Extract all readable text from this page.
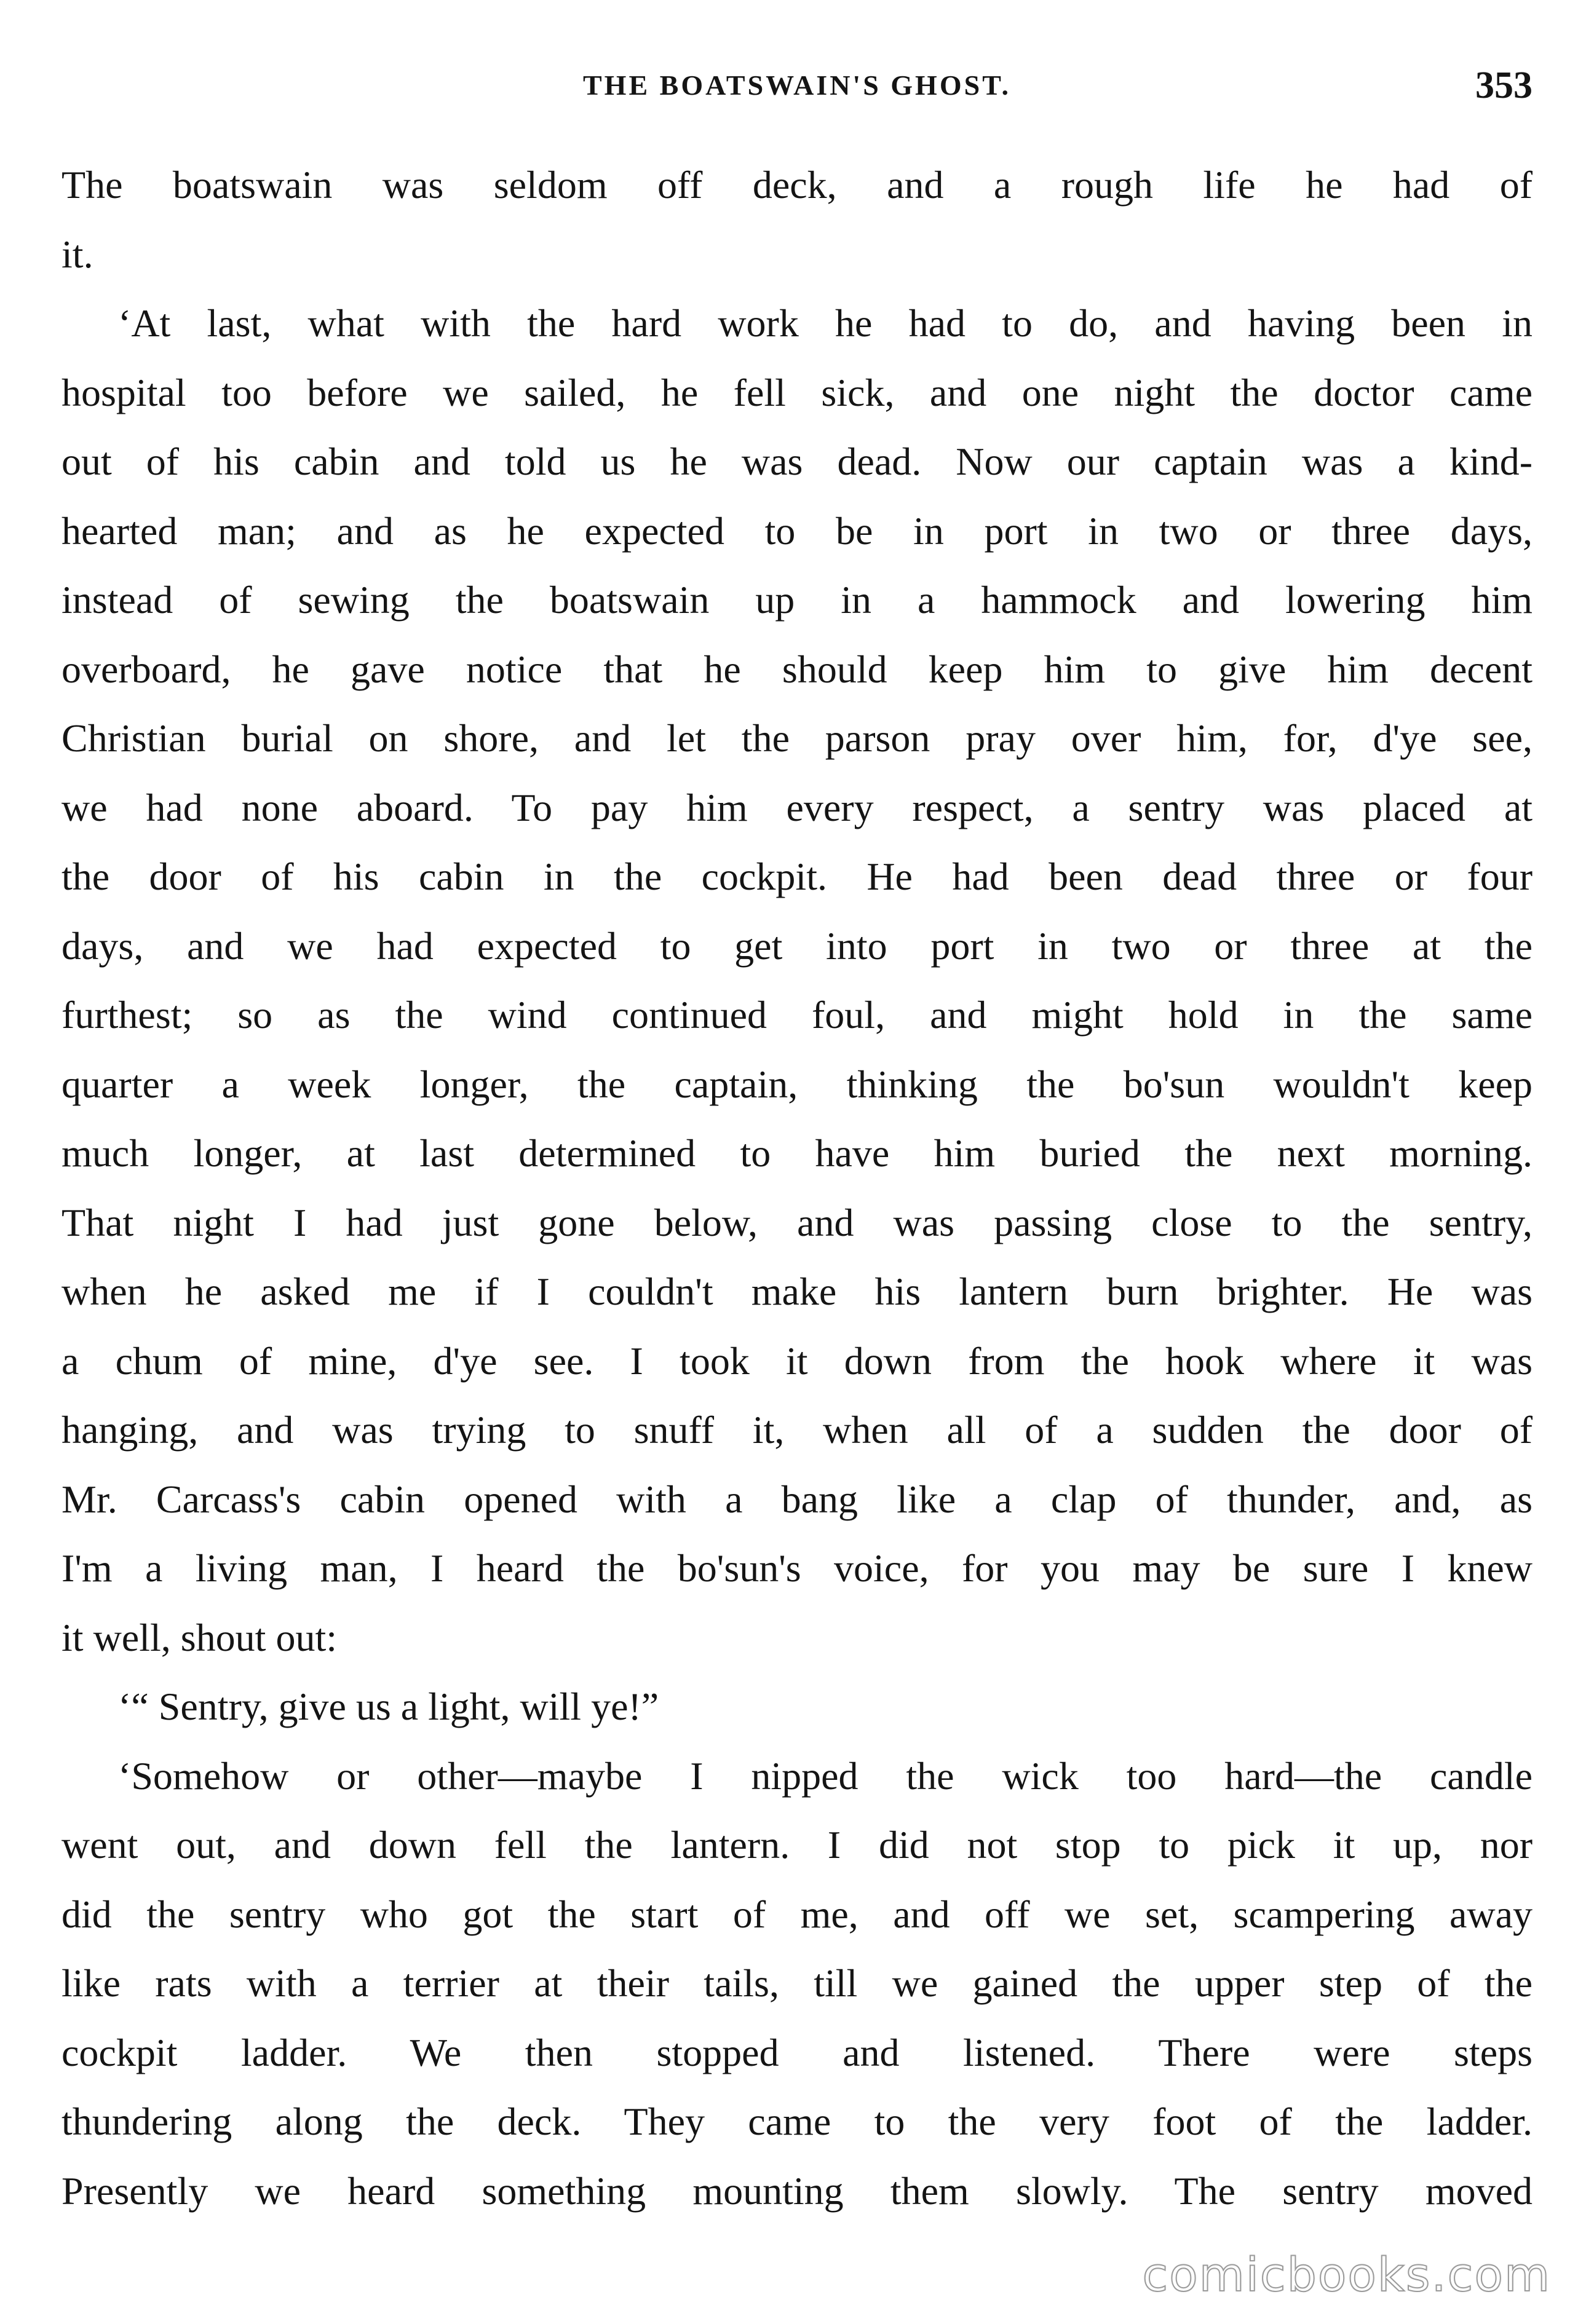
THE BOATSWAIN'S GHOST.	353
The boatswain was seldom off deck, and a rough life he had of
it.
‘At last, what with the hard work he had to do, and having been in
hospital too before we sailed, he fell sick, and one night the doctor came
out of his cabin and told us he was dead. Now our captain was a kind-
hearted man; and as he expected to be in port in two or three days,
instead of sewing the boatswain up in a hammock and lowering him
overboard, he gave notice that he should keep him to give him decent
Christian burial on shore, and let the parson pray over him, for, d'ye see,
we had none aboard. To pay him every respect, a sentry was placed at
the door of his cabin in the cockpit. He had been dead three or four
days, and we had expected to get into port in two or three at the
furthest; so as the wind continued foul, and might hold in the same
quarter a week longer, the captain, thinking the bo'sun wouldn't keep
much longer, at last determined to have him buried the next morning.
That night I had just gone below, and was passing close to the sentry,
when he asked me if I couldn't make his lantern burn brighter. He was
a chum of mine, d'ye see. I took it down from the hook where it was
hanging, and was trying to snuff it, when all of a sudden the door of
Mr. Carcass's cabin opened with a bang like a clap of thunder, and, as
I'm a living man, I heard the bo'sun's voice, for you may be sure I knew
it well, shout out:
‘“ Sentry, give us a light, will ye!”
‘Somehow or other—maybe I nipped the wick too hard—the candle
went out, and down fell the lantern. I did not stop to pick it up, nor
did the sentry who got the start of me, and off we set, scampering away
like rats with a terrier at their tails, till we gained the upper step of the
cockpit ladder. We then stopped and listened. There were steps
thundering along the deck. They came to the very foot of the ladder.
Presently we heard something mounting them slowly. The sentry moved
comicbooks.com
